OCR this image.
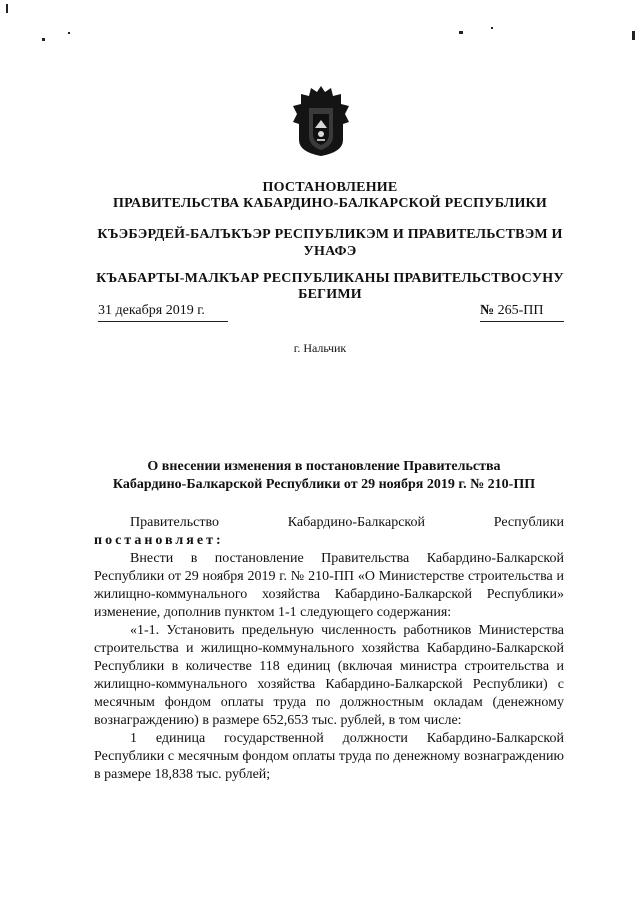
ПОСТАНОВЛЕНИЕ
ПРАВИТЕЛЬСТВА КАБАРДИНО-БАЛКАРСКОЙ РЕСПУБЛИКИ
КЪЭБЭРДЕЙ-БАЛЪКЪЭР РЕСПУБЛИКЭМ И ПРАВИТЕЛЬСТВЭМ И
УНАФЭ
КЪАБАРТЫ-МАЛКЪАР РЕСПУБЛИКАНЫ ПРАВИТЕЛЬСТВОСУНУ
БЕГИМИ
31 декабря 2019 г.	№ 265-ПП
г. Нальчик
О внесении изменения в постановление Правительства
Кабардино-Балкарской Республики от 29 ноября 2019 г. № 210-ПП

Правительство Кабардино-Балкарской Республики

постановляет:

Внести в постановление Правительства Кабардино-Балкарской Республики от 29 ноября 2019 г. № 210-ПП «О Министерстве строительства и жилищно-коммунального хозяйства Кабардино-Балкарской Республики» изменение, дополнив пунктом 1-1 следующего содержания:

«1-1. Установить предельную численность работников Министерства строительства и жилищно-коммунального хозяйства Кабардино-Балкарской Республики в количестве 118 единиц (включая министра строительства и жилищно-коммунального хозяйства Кабардино-Балкарской Республики) с месячным фондом оплаты труда по должностным окладам (денежному вознаграждению) в размере 652,653 тыс. рублей, в том числе:

1 единица государственной должности Кабардино-Балкарской Республики с месячным фондом оплаты труда по денежному вознаграждению в размере 18,838 тыс. рублей;
